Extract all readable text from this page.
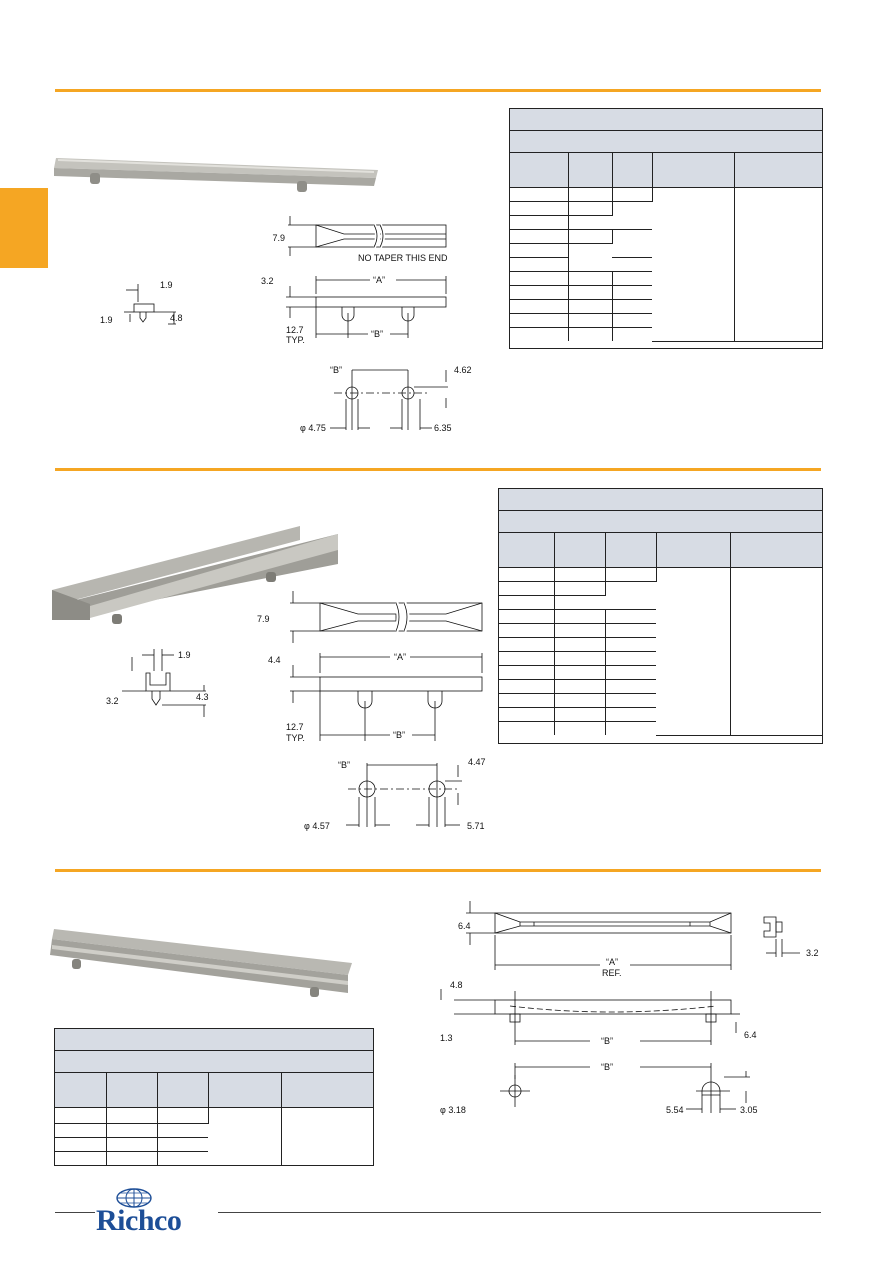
7.9
NO TAPER THIS END
“A”
3.2
12.7
TYP.
“B”
1.9
1.9	4.8
“B”	4.62
φ 4.75	6.35

7.9
“A”
4.4
12.7
TYP.	“B”
1.9
3.2	4.3
“B”	4.47
φ 4.57	5.71

6.4
“A”
REF.
3.2
4.8
1.3	6.4
“B”
“B”
φ 3.18	5.54	3.05

Richco
